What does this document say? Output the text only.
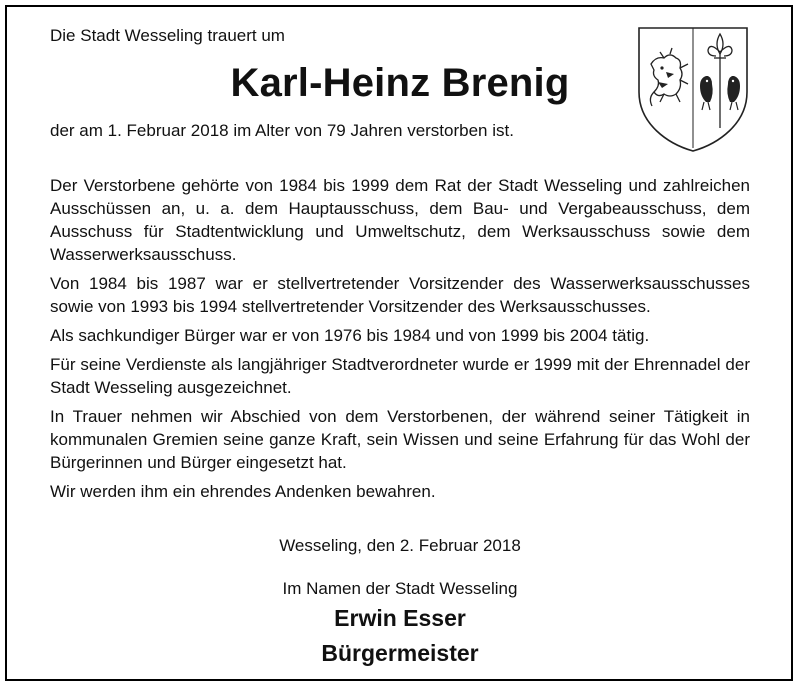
Die Stadt Wesseling trauert um
Karl-Heinz Brenig
der am 1. Februar 2018 im Alter von 79 Jahren verstorben ist.

Der Verstorbene gehörte von 1984 bis 1999 dem Rat der Stadt Wesseling und zahlreichen Ausschüssen an, u. a. dem Hauptausschuss, dem Bau- und Vergabeausschuss, dem Ausschuss für Stadtentwicklung und Umweltschutz, dem Werksausschuss sowie dem Wasserwerksausschuss.

Von 1984 bis 1987 war er stellvertretender Vorsitzender des Wasserwerksausschusses sowie von 1993 bis 1994 stellvertretender Vorsitzender des Werksausschusses.

Als sachkundiger Bürger war er von 1976 bis 1984 und von 1999 bis 2004 tätig.

Für seine Verdienste als langjähriger Stadtverordneter wurde er 1999 mit der Ehrennadel der Stadt Wesseling ausgezeichnet.

In Trauer nehmen wir Abschied von dem Verstorbenen, der während seiner Tätigkeit in kommunalen Gremien seine ganze Kraft, sein Wissen und seine Erfahrung für das Wohl der Bürgerinnen und Bürger eingesetzt hat.

Wir werden ihm ein ehrendes Andenken bewahren.

Wesseling, den 2. Februar 2018
Im Namen der Stadt Wesseling
Erwin Esser
Bürgermeister
